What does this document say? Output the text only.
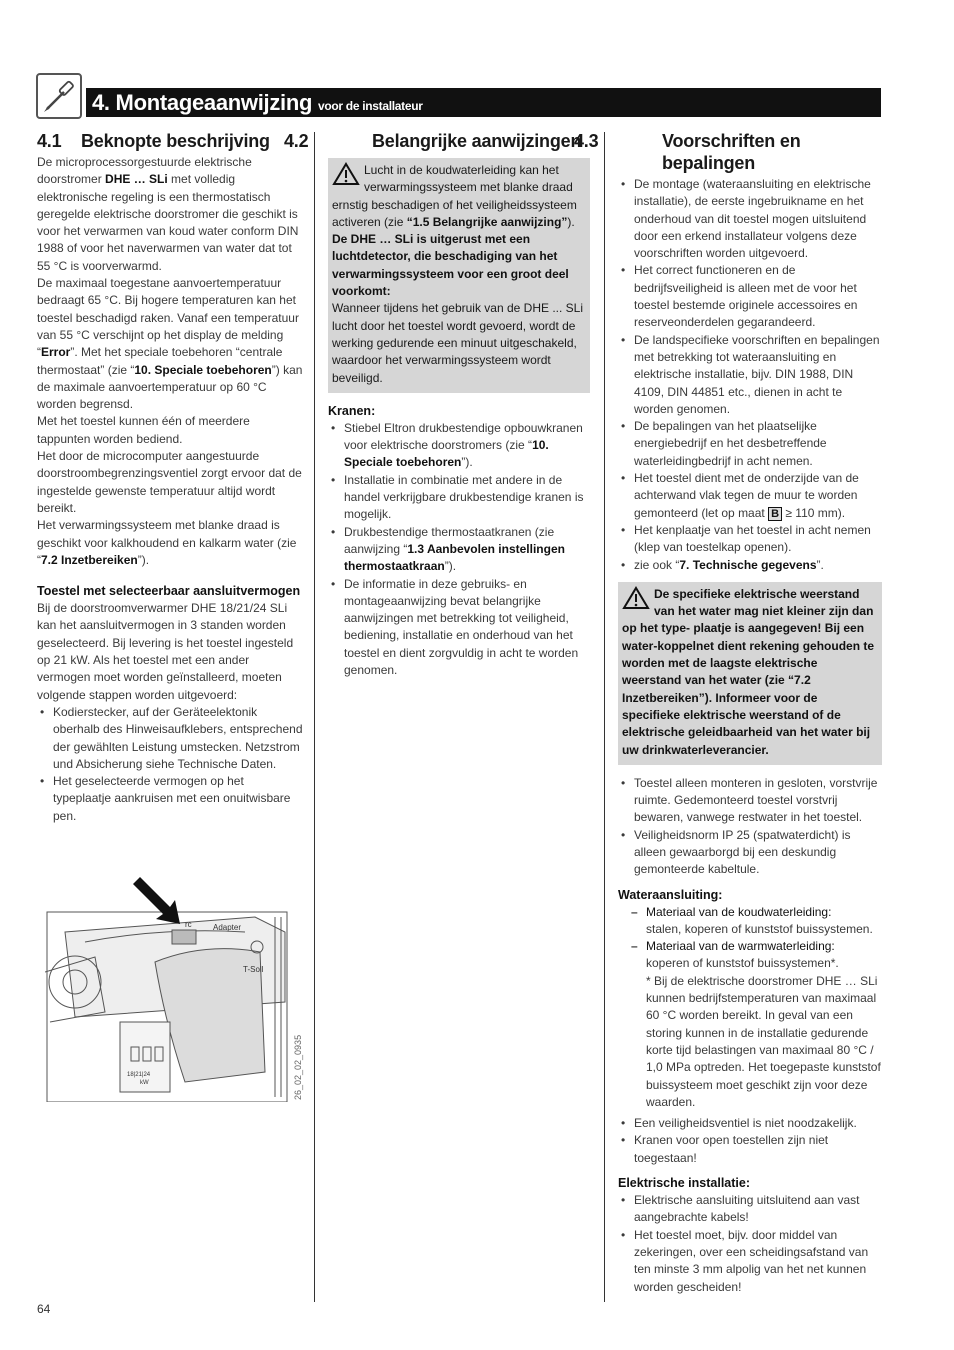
4. Montageaanwijzing voor de installateur
4.1 Beknopte beschrijving

De microprocessorgestuurde elektrische doorstromer DHE … SLi met volledig elektronische regeling is een thermostatisch geregelde elektrische doorstromer die geschikt is voor het verwarmen van koud water conform DIN 1988 of voor het naverwarmen van water dat tot 55 °C is voorverwarmd.

De maximaal toegestane aanvoertemperatuur bedraagt 65 °C. Bij hogere temperaturen kan het toestel beschadigd raken. Vanaf een temperatuur van 55 °C verschijnt op het display de melding “Error”. Met het speciale toebehoren “centrale thermostaat” (zie “10. Speciale toebehoren”) kan de maximale aanvoertemperatuur op 60 °C worden begrensd.

Met het toestel kunnen één of meerdere tappunten worden bediend.

Het door de microcomputer aangestuurde doorstroombegrenzingsventiel zorgt ervoor dat de ingestelde gewenste temperatuur altijd wordt bereikt.

Het verwarmingssysteem met blanke draad is geschikt voor kalkhoudend en kalkarm water (zie “7.2 Inzetbereiken”).

Toestel met selecteerbaar aansluitvermogen

Bij de doorstroomverwarmer DHE 18/21/24 SLi kan het aansluitvermogen in 3 standen worden geselecteerd. Bij levering is het toestel ingesteld op 21 kW. Als het toestel met een ander vermogen moet worden geïnstalleerd, moeten volgende stappen worden uitgevoerd:

• Kodierstecker, auf der Geräteelektonik oberhalb des Hinweisaufklebers, entsprechend der gewählten Leistung umstecken. Netzstrom und Absicherung siehe Technische Daten.
• Het geselecteerde vermogen op het typeplaatje aankruisen met een onuitwisbare pen.
Adapter
T-Soll
rc
18|21|24
kW	26_02_02_0935
4.2	Belangrijke aanwijzingen

Lucht in de koudwaterleiding kan het verwarmingssysteem met blanke draad ernstig beschadigen of het veiligheidssysteem activeren (zie “1.5 Belangrijke aanwijzing”).

De DHE … SLi is uitgerust met een luchtdetector, die beschadiging van het verwarmingssysteem voor een groot deel voorkomt:

Wanneer tijdens het gebruik van de DHE ... SLi lucht door het toestel wordt gevoerd, wordt de werking gedurende een minuut uitgeschakeld, waardoor het verwarmingssysteem wordt beveiligd.

Kranen:
• Stiebel Eltron drukbestendige opbouwkranen voor elektrische doorstromers (zie “10. Speciale toebehoren”).
• Installatie in combinatie met andere in de handel verkrijgbare drukbestendige kranen is mogelijk.
• Drukbestendige thermostaatkranen (zie aanwijzing “1.3 Aanbevolen instellingen thermostaatkraan”).
• De informatie in deze gebruiks- en montageaanwijzing bevat belangrijke aanwijzingen met betrekking tot veiligheid, bediening, installatie en onderhoud van het toestel en dient zorgvuldig in acht te worden genomen.
4.3	Voorschriften en bepalingen
• De montage (wateraansluiting en elektrische installatie), de eerste ingebruikname en het onderhoud van dit toestel mogen uitsluitend door een erkend installateur volgens deze voorschriften worden uitgevoerd.
• Het correct functioneren en de bedrijfsveiligheid is alleen met de voor het toestel bestemde originele accessoires en reserveonderdelen gegarandeerd.
• De landspecifieke voorschriften en bepalingen met betrekking tot wateraansluiting en elektrische installatie, bijv. DIN 1988, DIN 4109, DIN 44851 etc., dienen in acht te worden genomen.
• De bepalingen van het plaatselijke energiebedrijf en het desbetreffende waterleidingbedrijf in acht nemen.
• Het toestel dient met de onderzijde van de achterwand vlak tegen de muur te worden gemonteerd (let op maat B ≥ 110 mm).
• Het kenplaatje van het toestel in acht nemen (klep van toestelkap openen).
• zie ook “7. Technische gegevens”.

De specifieke elektrische weerstand van het water mag niet kleiner zijn dan op het type- plaatje is aangegeven! Bij een water-koppelnet dient rekening gehouden te worden met de laagste elektrische weerstand van het water (zie “7.2 Inzetbereiken”). Informeer voor de specifieke elektrische weerstand of de elektrische geleidbaarheid van het water bij uw drinkwaterleverancier.

• Toestel alleen monteren in gesloten, vorstvrije ruimte. Gedemonteerd toestel vorstvrij bewaren, vanwege restwater in het toestel.
• Veiligheidsnorm IP 25 (spatwaterdicht) is alleen gewaarborgd bij een deskundig gemonteerde kabeltule.
Wateraansluiting:
– Materiaal van de koudwaterleiding:
stalen, koperen of kunststof buissystemen.
– Materiaal van de warmwaterleiding:
koperen of kunststof buissystemen*.

* Bij de elektrische doorstromer DHE … SLi kunnen bedrijfstemperaturen van maximaal 60 °C worden bereikt. In geval van een storing kunnen in de installatie gedurende korte tijd belastingen van maximaal 80 °C / 1,0 MPa optreden. Het toegepaste kunststof buissysteem moet geschikt zijn voor deze waarden.

• Een veiligheidsventiel is niet noodzakelijk.
• Kranen voor open toestellen zijn niet toegestaan!
Elektrische installatie:
• Elektrische aansluiting uitsluitend aan vast aangebrachte kabels!
• Het toestel moet, bijv. door middel van zekeringen, over een scheidingsafstand van ten minste 3 mm alpolig van het net kunnen worden gescheiden!
64
